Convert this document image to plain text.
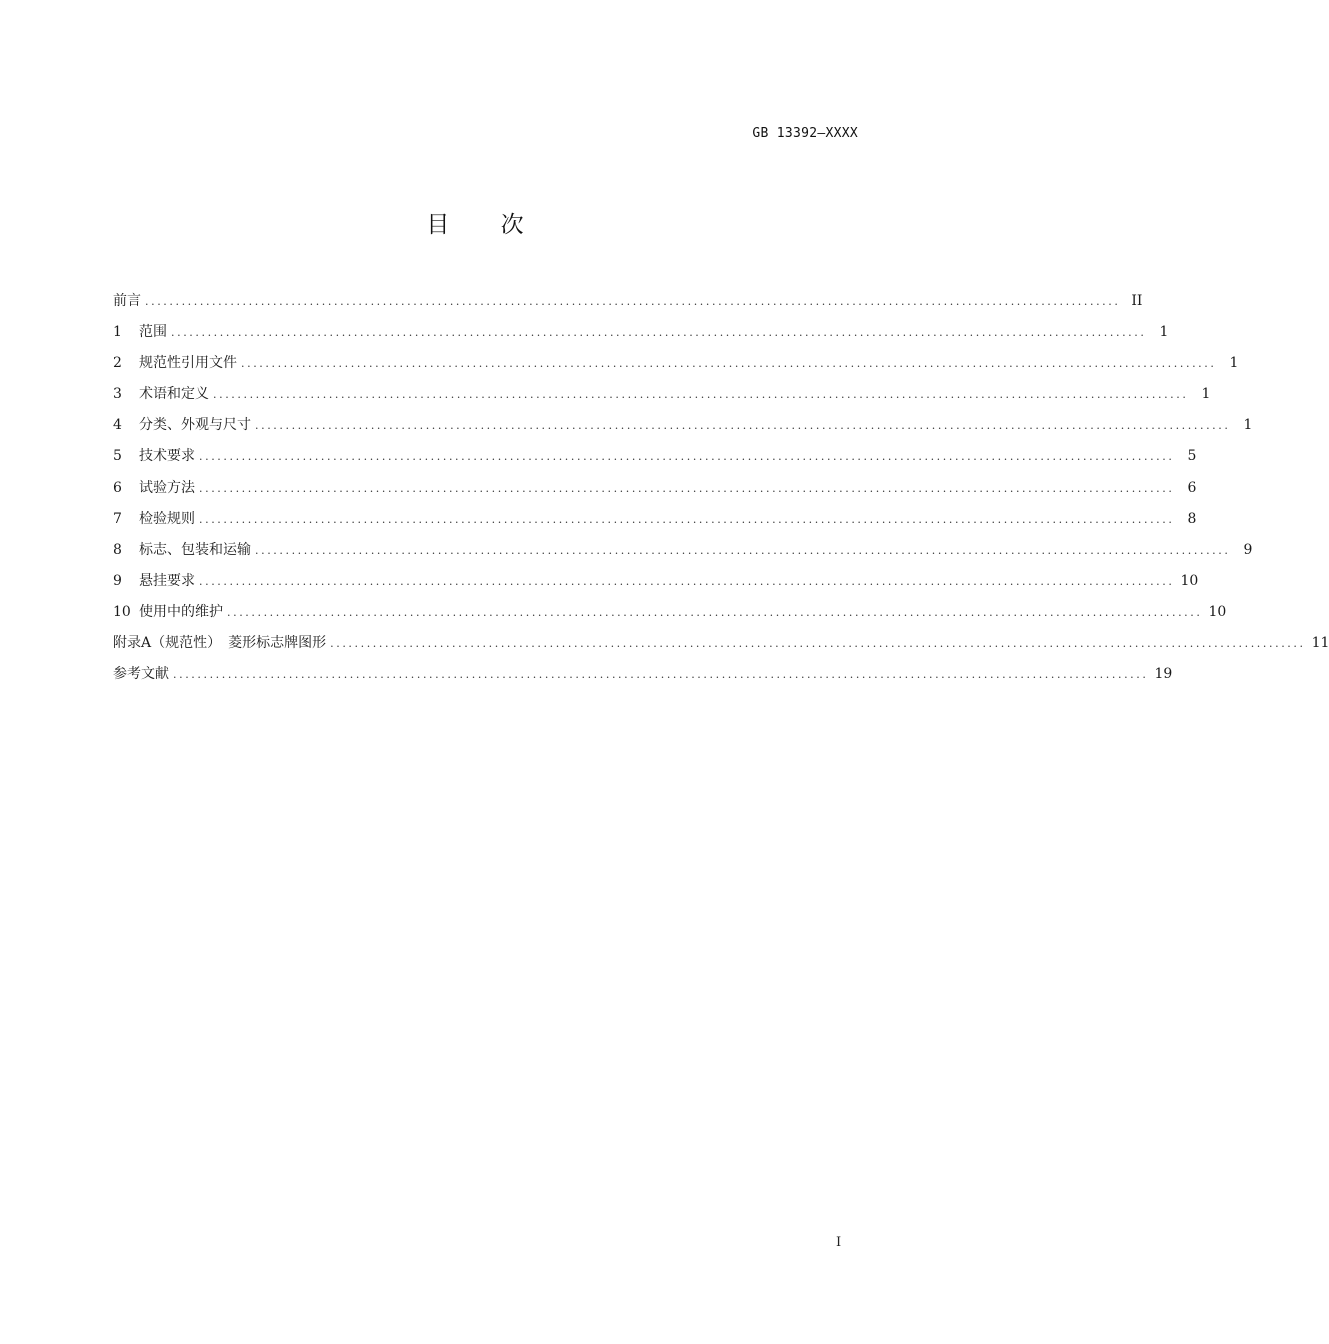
GB 13392—XXXX
目 次
前言 ................................................................................................................................................................ II
1	范围 ................................................................................................................................................................ 1
2	规范性引用文件 ................................................................................................................................................................ 1
3	术语和定义 ................................................................................................................................................................ 1
4	分类、外观与尺寸 ................................................................................................................................................................ 1
5	技术要求 ................................................................................................................................................................ 5
6	试验方法 ................................................................................................................................................................ 6
7	检验规则 ................................................................................................................................................................ 8
8	标志、包装和运输 ................................................................................................................................................................ 9
9	悬挂要求 ................................................................................................................................................................ 10
10 使用中的维护 ................................................................................................................................................................ 10
附录A（规范性）　菱形标志牌图形 ................................................................................................................................................................ 11
参考文献 ................................................................................................................................................................ 19
I
